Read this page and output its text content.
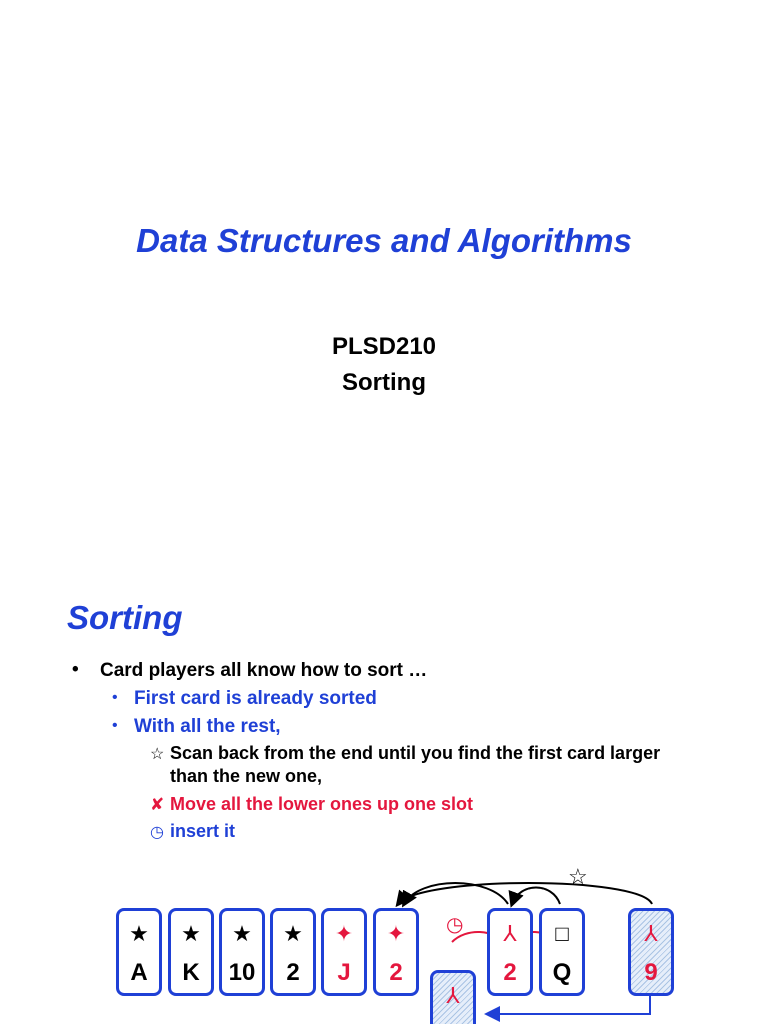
Data Structures and Algorithms
PLSD210
Sorting
Sorting
• Card players all know how to sort …
• First card is already sorted
• With all the rest,
☆ Scan back from the end until you find the first card larger
than the new one,
✘ Move all the lower ones up one slot
◷ insert it
☆
◷
★
A
★
K
★
10
★
2
✦
J
✦
2
⅄
2
□
Q
⅄
9
⅄
